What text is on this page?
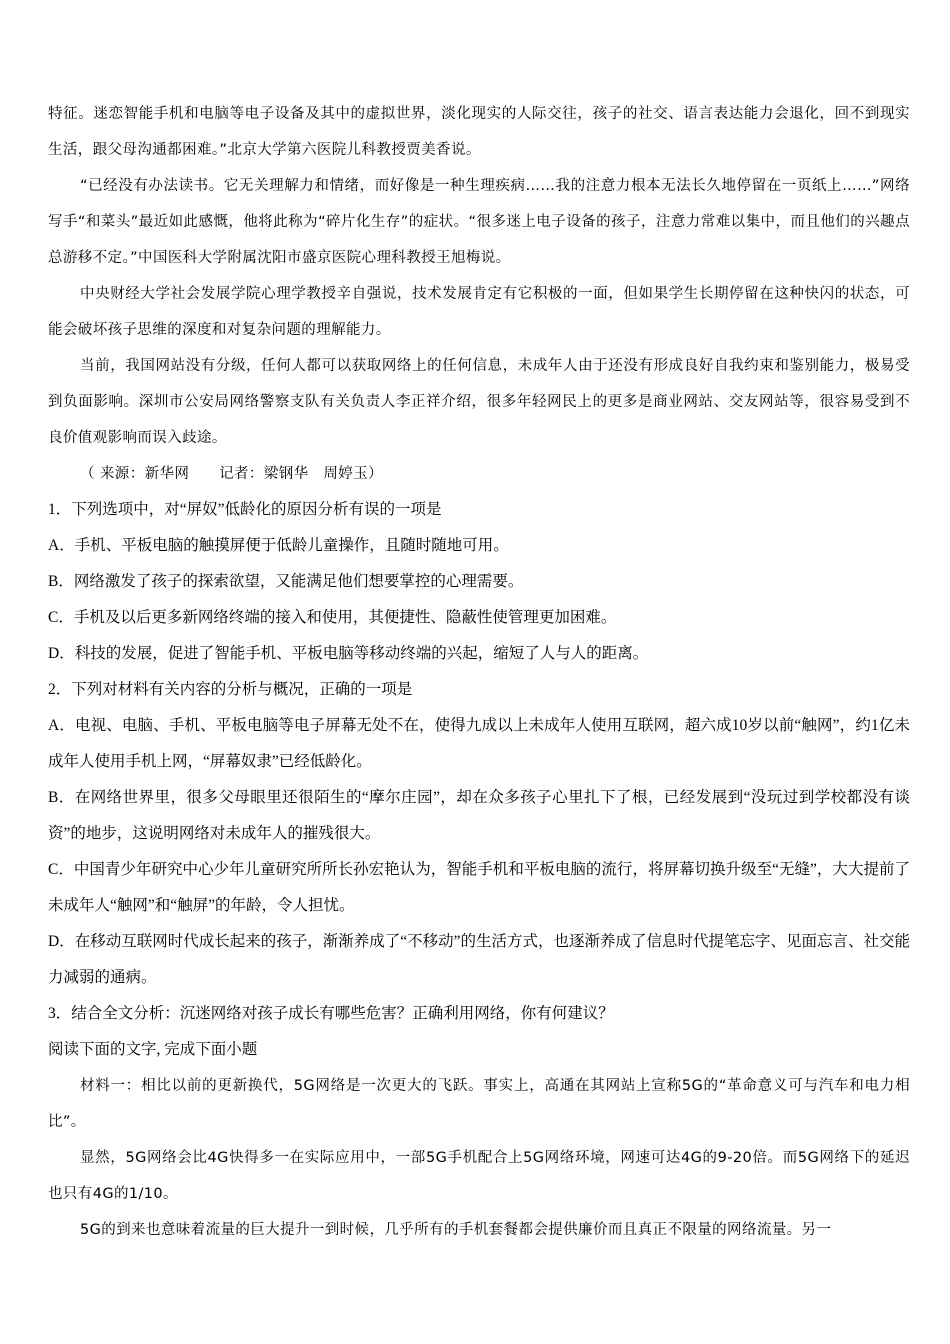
特征。迷恋智能手机和电脑等电子设备及其中的虚拟世界，淡化现实的人际交往，孩子的社交、语言表达能力会退化，回不到现实生活，跟父母沟通都困难。”北京大学第六医院儿科教授贾美香说。

“已经没有办法读书。它无关理解力和情绪，而好像是一种生理疾病……我的注意力根本无法长久地停留在一页纸上……”网络写手“和菜头”最近如此感慨，他将此称为“碎片化生存”的症状。“很多迷上电子设备的孩子，注意力常难以集中，而且他们的兴趣点总游移不定。”中国医科大学附属沈阳市盛京医院心理科教授王旭梅说。

中央财经大学社会发展学院心理学教授辛自强说，技术发展肯定有它积极的一面，但如果学生长期停留在这种快闪的状态，可能会破坏孩子思维的深度和对复杂问题的理解能力。

当前，我国网站没有分级，任何人都可以获取网络上的任何信息，未成年人由于还没有形成良好自我约束和鉴别能力，极易受到负面影响。深圳市公安局网络警察支队有关负责人李正祥介绍，很多年轻网民上的更多是商业网站、交友网站等，很容易受到不良价值观影响而误入歧途。

（ 来源：新华网　　记者：梁钢华　周婷玉）

1．下列选项中，对“屏奴”低龄化的原因分析有误的一项是

A．手机、平板电脑的触摸屏便于低龄儿童操作，且随时随地可用。

B．网络激发了孩子的探索欲望，又能满足他们想要掌控的心理需要。

C．手机及以后更多新网络终端的接入和使用，其便捷性、隐蔽性使管理更加困难。

D．科技的发展，促进了智能手机、平板电脑等移动终端的兴起，缩短了人与人的距离。

2．下列对材料有关内容的分析与概况，正确的一项是

A．电视、电脑、手机、平板电脑等电子屏幕无处不在，使得九成以上未成年人使用互联网，超六成10岁以前“触网”，约1亿未成年人使用手机上网，“屏幕奴隶”已经低龄化。

B．在网络世界里，很多父母眼里还很陌生的“摩尔庄园”，却在众多孩子心里扎下了根，已经发展到“没玩过到学校都没有谈资”的地步，这说明网络对未成年人的摧残很大。

C．中国青少年研究中心少年儿童研究所所长孙宏艳认为，智能手机和平板电脑的流行，将屏幕切换升级至“无缝”，大大提前了未成年人“触网”和“触屏”的年龄，令人担忧。

D．在移动互联网时代成长起来的孩子，渐渐养成了“不移动”的生活方式，也逐渐养成了信息时代提笔忘字、见面忘言、社交能力减弱的通病。

3．结合全文分析：沉迷网络对孩子成长有哪些危害？正确利用网络，你有何建议？

阅读下面的文字, 完成下面小题

材料一：相比以前的更新换代，5G网络是一次更大的飞跃。事实上，高通在其网站上宣称5G的“革命意义可与汽车和电力相比”。

显然，5G网络会比4G快得多一在实际应用中，一部5G手机配合上5G网络环境，网速可达4G的9-20倍。而5G网络下的延迟也只有4G的1/10。

5G的到来也意味着流量的巨大提升一到时候，几乎所有的手机套餐都会提供廉价而且真正不限量的网络流量。另一
